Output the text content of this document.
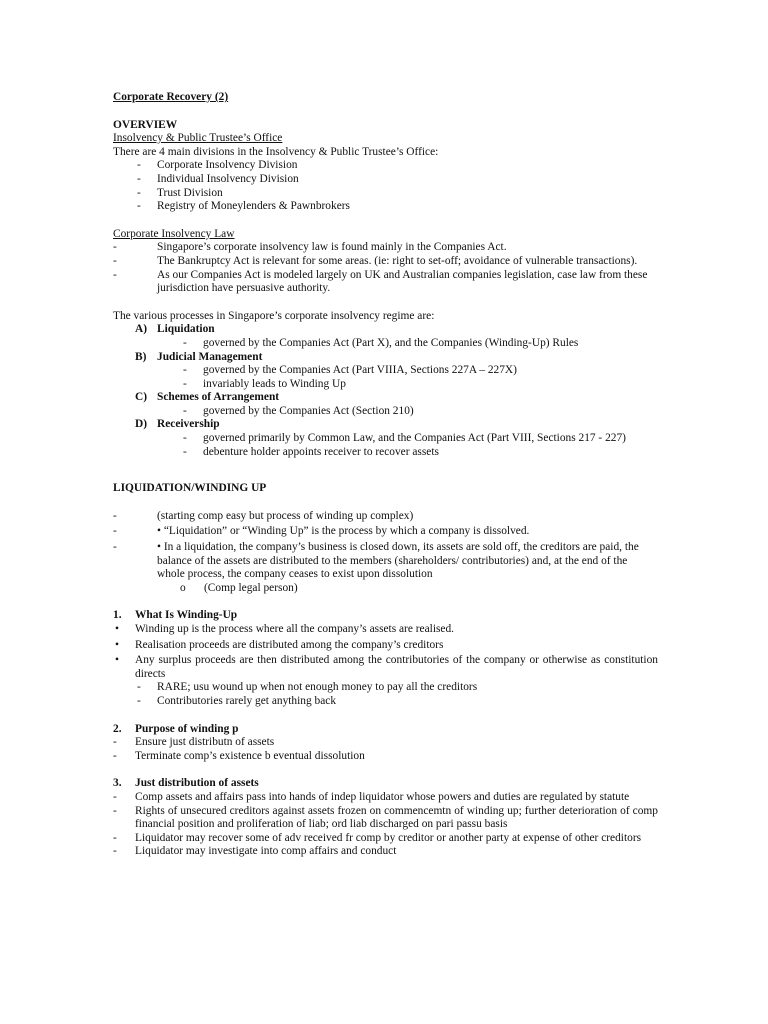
Corporate Recovery (2)
OVERVIEW
Insolvency & Public Trustee’s Office
There are 4 main divisions in the Insolvency & Public Trustee’s Office:
-	Corporate Insolvency Division
-	Individual Insolvency Division
-	Trust Division
-	Registry of Moneylenders & Pawnbrokers
Corporate Insolvency Law
-	Singapore’s corporate insolvency law is found mainly in the Companies Act.
-	The Bankruptcy Act is relevant for some areas. (ie: right to set-off; avoidance of vulnerable transactions).
-	As our Companies Act is modeled largely on UK and Australian companies legislation, case law from these jurisdiction have persuasive authority.
The various processes in Singapore’s corporate insolvency regime are:
A) Liquidation
-	governed by the Companies Act (Part X), and the Companies (Winding-Up) Rules
B) Judicial Management
-	governed by the Companies Act (Part VIIIA, Sections 227A – 227X)
-	invariably leads to Winding Up
C) Schemes of Arrangement
-	governed by the Companies Act (Section 210)
D) Receivership
-	governed primarily by Common Law, and the Companies Act (Part VIII, Sections 217 - 227)
-	debenture holder appoints receiver to recover assets
LIQUIDATION/WINDING UP
-	(starting comp easy but process of winding up complex)
-	• “Liquidation” or “Winding Up” is the process by which a company is dissolved.
-	• In a liquidation, the company’s business is closed down, its assets are sold off, the creditors are paid, the balance of the assets are distributed to the members (shareholders/ contributories) and, at the end of the whole process, the company ceases to exist upon dissolution
o	(Comp legal person)
1.	What Is Winding-Up
•	Winding up is the process where all the company’s assets are realised.
•	Realisation proceeds are distributed among the company’s creditors
•	Any surplus proceeds are then distributed among the contributories of the company or otherwise as constitution directs
-	RARE; usu wound up when not enough money to pay all the creditors
-	Contributories rarely get anything back
2.	Purpose of winding p
-	Ensure just distributn of assets
-	Terminate comp’s existence b eventual dissolution
3.	Just distribution of assets
-	Comp assets and affairs pass into hands of indep liquidator whose powers and duties are regulated by statute
-	Rights of unsecured creditors against assets frozen on commencemtn of winding up; further deterioration of comp financial position and proliferation of liab; ord liab discharged on pari passu basis
-	Liquidator may recover some of adv received fr comp by creditor or another party at expense of other creditors
-	Liquidator may investigate into comp affairs and conduct
